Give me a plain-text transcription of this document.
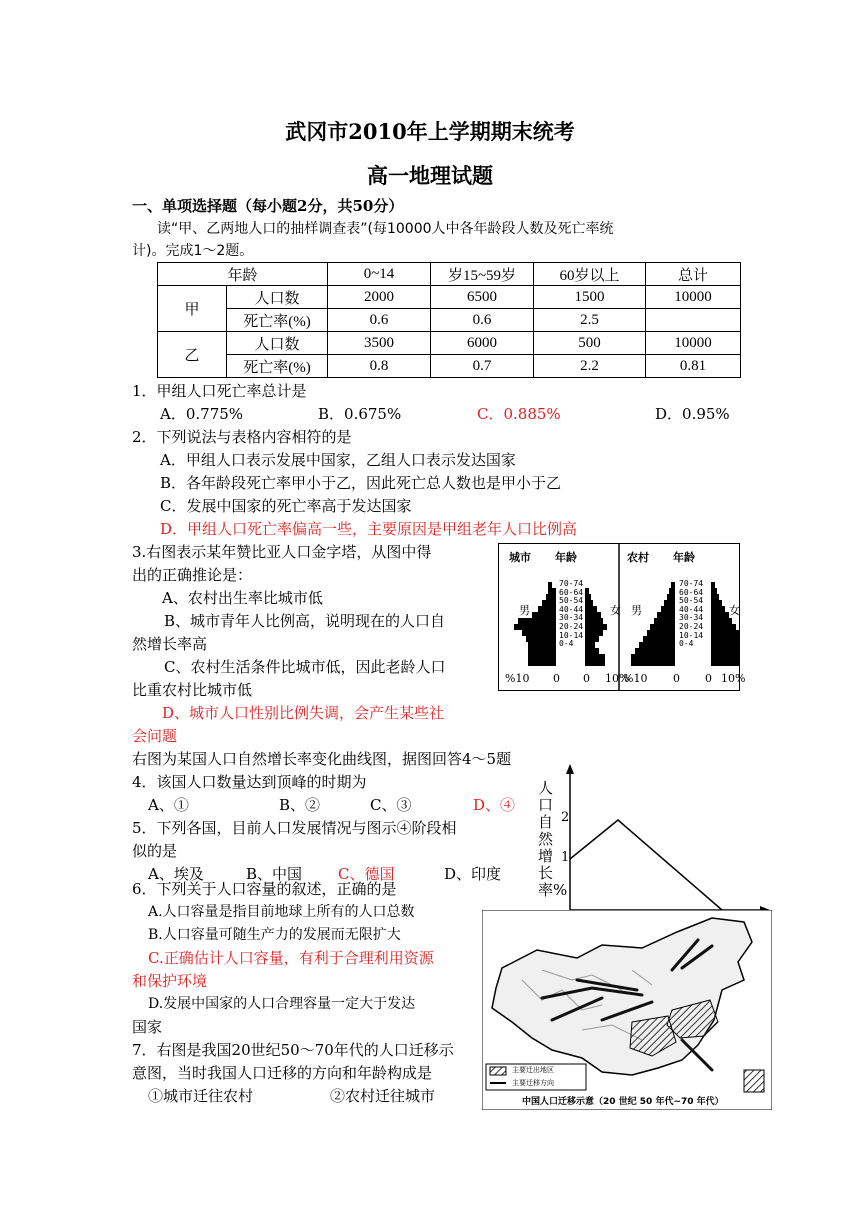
武冈市2010年上学期期末统考
高一地理试题
一、单项选择题（每小题2分，共50分）
读“甲、乙两地人口的抽样调查表”(每10000人中各年龄段人数及死亡率统
计)。完成1～2题。
年龄		0~14	岁15~59岁	60岁以上	总计
甲	人口数	2000	6500	1500	10000
	死亡率(%)	0.6	0.6	2.5	
乙	人口数	3500	6000	500	10000
	死亡率(%)	0.8	0.7	2.2	0.81
1．甲组人口死亡率总计是
A．0.775%	B．0.675%	C．0.885%	D．0.95%
2．下列说法与表格内容相符的是
A．甲组人口表示发展中国家，乙组人口表示发达国家
B．各年龄段死亡率甲小于乙，因此死亡总人数也是甲小于乙
C．发展中国家的死亡率高于发达国家
D．甲组人口死亡率偏高一些，主要原因是甲组老年人口比例高
3.右图表示某年赞比亚人口金字塔，从图中得
出的正确推论是：
A、农村出生率比城市低
B、城市青年人比例高，说明现在的人口自
然增长率高
C、农村生活条件比城市低，因此老龄人口
比重农村比城市低
D、城市人口性别比例失调，会产生某些社
会问题
城市 年龄	农村 年龄
男	女 男	女
70-74
60-64
50-54
40-44
30-34
20-24
10-14
0-4
70-74
60-64
50-54
40-44
30-34
20-24
10-14
0-4
%10 0 0 10%
%10 0 0 10%
右图为某国人口自然增长率变化曲线图，据图回答4～5题
4．该国人口数量达到顶峰的时期为
A、①	B、②	C、③	D、④
5．下列各国，目前人口发展情况与图示④阶段相
似的是
A、埃及	B、中国 C、德国	D、印度
人口自然增长率%
2
1
6．下列关于人口容量的叙述，正确的是
A.人口容量是指目前地球上所有的人口总数
B.人口容量可随生产力的发展而无限扩大
C.正确估计人口容量，有利于合理利用资源
和保护环境
D.发展中国家的人口合理容量一定大于发达
国家
7．右图是我国20世纪50～70年代的人口迁移示
意图，当时我国人口迁移的方向和年龄构成是
①城市迁往农村	②农村迁往城市
主要迁出地区
主要迁移方向
中国人口迁移示意（20 世纪 50 年代~70 年代）
